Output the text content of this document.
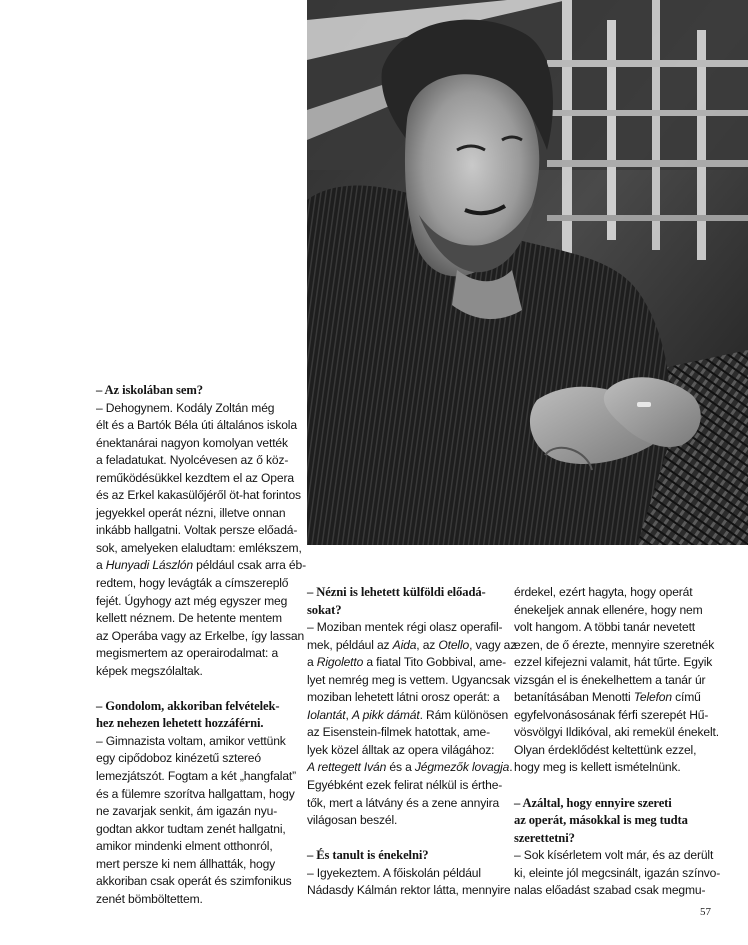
– Az iskolában sem?
– Dehogynem. Kodály Zoltán még
élt és a Bartók Béla úti általános iskola
énektanárai nagyon komolyan vették
a feladatukat. Nyolcévesen az ő köz-
reműködésükkel kezdtem el az Opera
és az Erkel kakasülőjéről öt-hat forintos
jegyekkel operát nézni, illetve onnan
inkább hallgatni. Voltak persze előadá-
sok, amelyeken elaludtam: emlékszem,
a Hunyadi Lászlón például csak arra éb-
redtem, hogy levágták a címszereplő
fejét. Úgyhogy azt még egyszer meg
kellett néznem. De hetente mentem
az Operába vagy az Erkelbe, így lassan
megismertem az operairodalmat: a
képek megszólaltak.
– Gondolom, akkoriban felvételek-
hez nehezen lehetett hozzáférni.
– Gimnazista voltam, amikor vettünk
egy cipődoboz kinézetű sztereó
lemezjátszót. Fogtam a két „hangfalat”
és a fülemre szorítva hallgattam, hogy
ne zavarjak senkit, ám igazán nyu-
godtan akkor tudtam zenét hallgatni,
amikor mindenki elment otthonról,
mert persze ki nem állhatták, hogy
akkoriban csak operát és szimfonikus
zenét bömböltettem.
– Nézni is lehetett külföldi előadá-
sokat?
– Moziban mentek régi olasz operafil-
mek, például az Aida, az Otello, vagy az
a Rigoletto a fiatal Tito Gobbival, ame-
lyet nemrég meg is vettem. Ugyancsak
moziban lehetett látni orosz operát: a
Iolantát, A pikk dámát. Rám különösen
az Eisenstein-filmek hatottak, ame-
lyek közel álltak az opera világához:
A rettegett Iván és a Jégmezők lovagja.
Egyébként ezek felirat nélkül is érthe-
tők, mert a látvány és a zene annyira
világosan beszél.
– És tanult is énekelni?
– Igyekeztem. A főiskolán például
Nádasdy Kálmán rektor látta, mennyire
érdekel, ezért hagyta, hogy operát
énekeljek annak ellenére, hogy nem
volt hangom. A többi tanár nevetett
ezen, de ő érezte, mennyire szeretnék
ezzel kifejezni valamit, hát tűrte. Egyik
vizsgán el is énekelhettem a tanár úr
betanításában Menotti Telefon című
egyfelvonásosának férfi szerepét Hű-
vösvölgyi Ildikóval, aki remekül énekelt.
Olyan érdeklődést keltettünk ezzel,
hogy meg is kellett ismételnünk.
– Azáltal, hogy ennyire szereti
az operát, másokkal is meg tudta
szerettetni?
– Sok kísérletem volt már, és az derült
ki, eleinte jól megcsinált, igazán színvo-
nalas előadást szabad csak megmu-
57
